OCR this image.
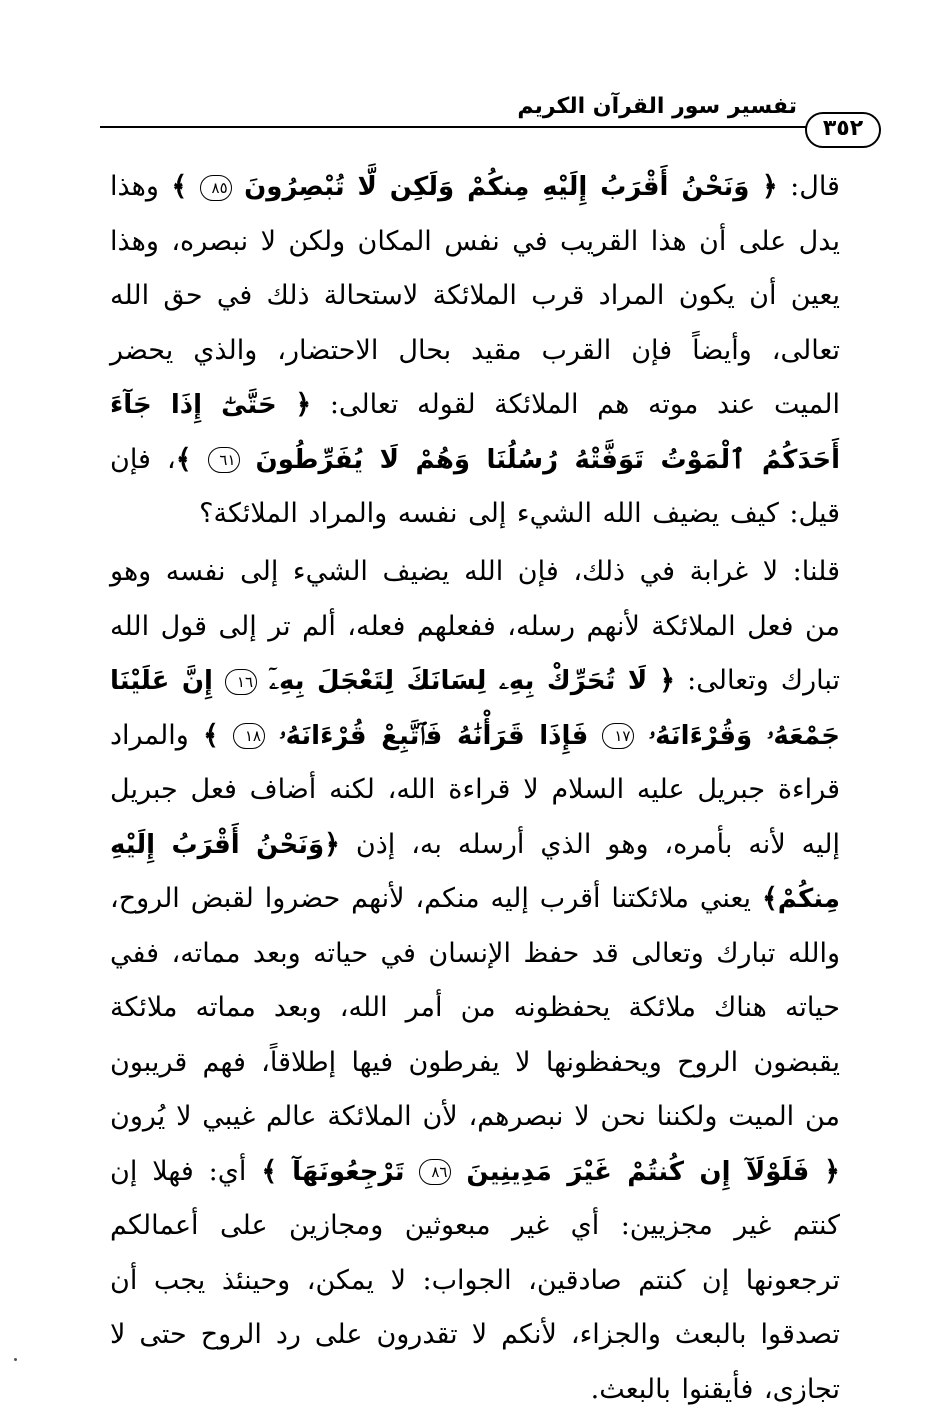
تفسير سور القرآن الكريم
٣٥٢

قال: ﴿ وَنَحْنُ أَقْرَبُ إِلَيْهِ مِنكُمْ وَلَكِن لَّا تُبْصِرُونَ ٨٥ ﴾ وهذا يدل على أن هذا القريب في نفس المكان ولكن لا نبصره، وهذا يعين أن يكون المراد قرب الملائكة لاستحالة ذلك في حق الله تعالى، وأيضاً فإن القرب مقيد بحال الاحتضار، والذي يحضر الميت عند موته هم الملائكة لقوله تعالى: ﴿ حَتَّىٰٓ إِذَا جَآءَ أَحَدَكُمُ ٱلْمَوْتُ تَوَفَّتْهُ رُسُلُنَا وَهُمْ لَا يُفَرِّطُونَ ٦١ ﴾، فإن قيل: كيف يضيف الله الشيء إلى نفسه والمراد الملائكة؟

قلنا: لا غرابة في ذلك، فإن الله يضيف الشيء إلى نفسه وهو من فعل الملائكة لأنهم رسله، ففعلهم فعله، ألم تر إلى قول الله تبارك وتعالى: ﴿ لَا تُحَرِّكْ بِهِۦ لِسَانَكَ لِتَعْجَلَ بِهِۦٓ ١٦ إِنَّ عَلَيْنَا جَمْعَهُۥ وَقُرْءَانَهُۥ ١٧ فَإِذَا قَرَأْنَٰهُ فَٱتَّبِعْ قُرْءَانَهُۥ ١٨ ﴾ والمراد قراءة جبريل عليه السلام لا قراءة الله، لكنه أضاف فعل جبريل إليه لأنه بأمره، وهو الذي أرسله به، إذن ﴿وَنَحْنُ أَقْرَبُ إِلَيْهِ مِنكُمْ﴾ يعني ملائكتنا أقرب إليه منكم، لأنهم حضروا لقبض الروح، والله تبارك وتعالى قد حفظ الإنسان في حياته وبعد مماته، ففي حياته هناك ملائكة يحفظونه من أمر الله، وبعد مماته ملائكة يقبضون الروح ويحفظونها لا يفرطون فيها إطلاقاً، فهم قريبون من الميت ولكننا نحن لا نبصرهم، لأن الملائكة عالم غيبي لا يُرون ﴿ فَلَوْلَآ إِن كُنتُمْ غَيْرَ مَدِينِينَ ٨٦ تَرْجِعُونَهَآ ﴾ أي: فهلا إن كنتم غير مجزيين: أي غير مبعوثين ومجازين على أعمالكم ترجعونها إن كنتم صادقين، الجواب: لا يمكن، وحينئذ يجب أن تصدقوا بالبعث والجزاء، لأنكم لا تقدرون على رد الروح حتى لا تجازى، فأيقنوا بالبعث.
